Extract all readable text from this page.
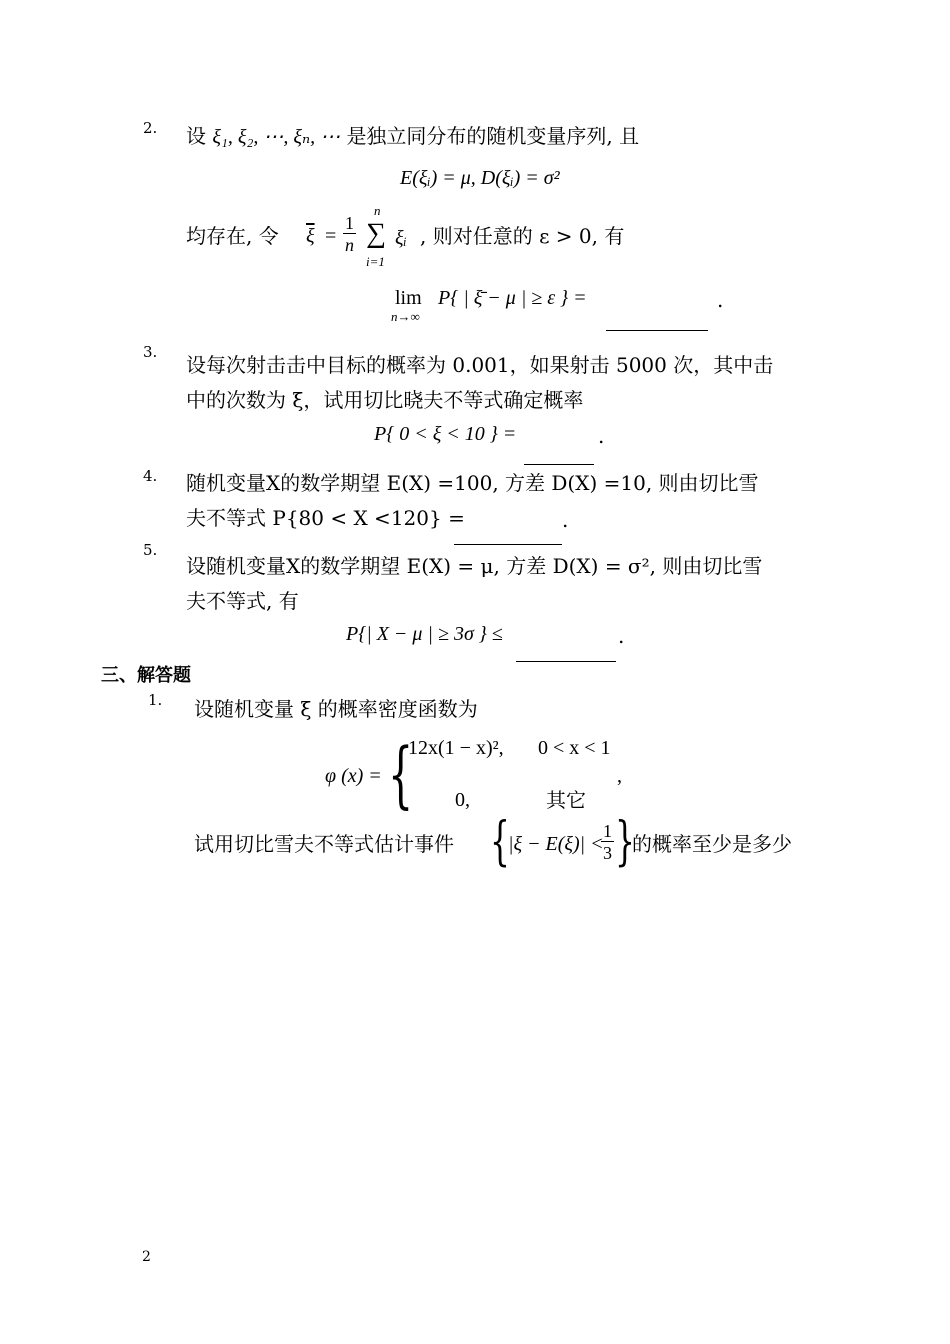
2. 设 ξ₁, ξ₂, ⋯, ξₙ, ⋯ 是独立同分布的随机变量序列, 且
E(ξᵢ) = μ, D(ξᵢ) = σ²
均存在, 令 $\overline{\xi} = \frac{1}{n}$
n
∑
i=1
ξᵢ , 则对任意的 ε > 0, 有
lim
n→∞
P{ | ξ̄ − μ | ≥ ε } =	.
3.
设每次射击击中目标的概率为 0.001，如果射击 5000 次，其中击
中的次数为 ξ，试用切比晓夫不等式确定概率
P{ 0 < ξ < 10 } =	.
4. 随机变量X的数学期望 E(X) =100, 方差 D(X) =10, 则由切比雪
夫不等式 P{80 < X <120} =	.
5.
设随机变量X的数学期望 E(X) = μ, 方差 D(X) = σ², 则由切比雪
夫不等式, 有
P{| X − μ | ≥ 3σ } ≤	.
三、解答题
1. 设随机变量 ξ 的概率密度函数为
φ (x) = {
12x(1 − x)², 0 < x < 1
0,	其它
,
试用切比雪夫不等式估计事件 {
|ξ − E(ξ)| <
$\frac{1}{3}$ }
的概率至少是多少
2
